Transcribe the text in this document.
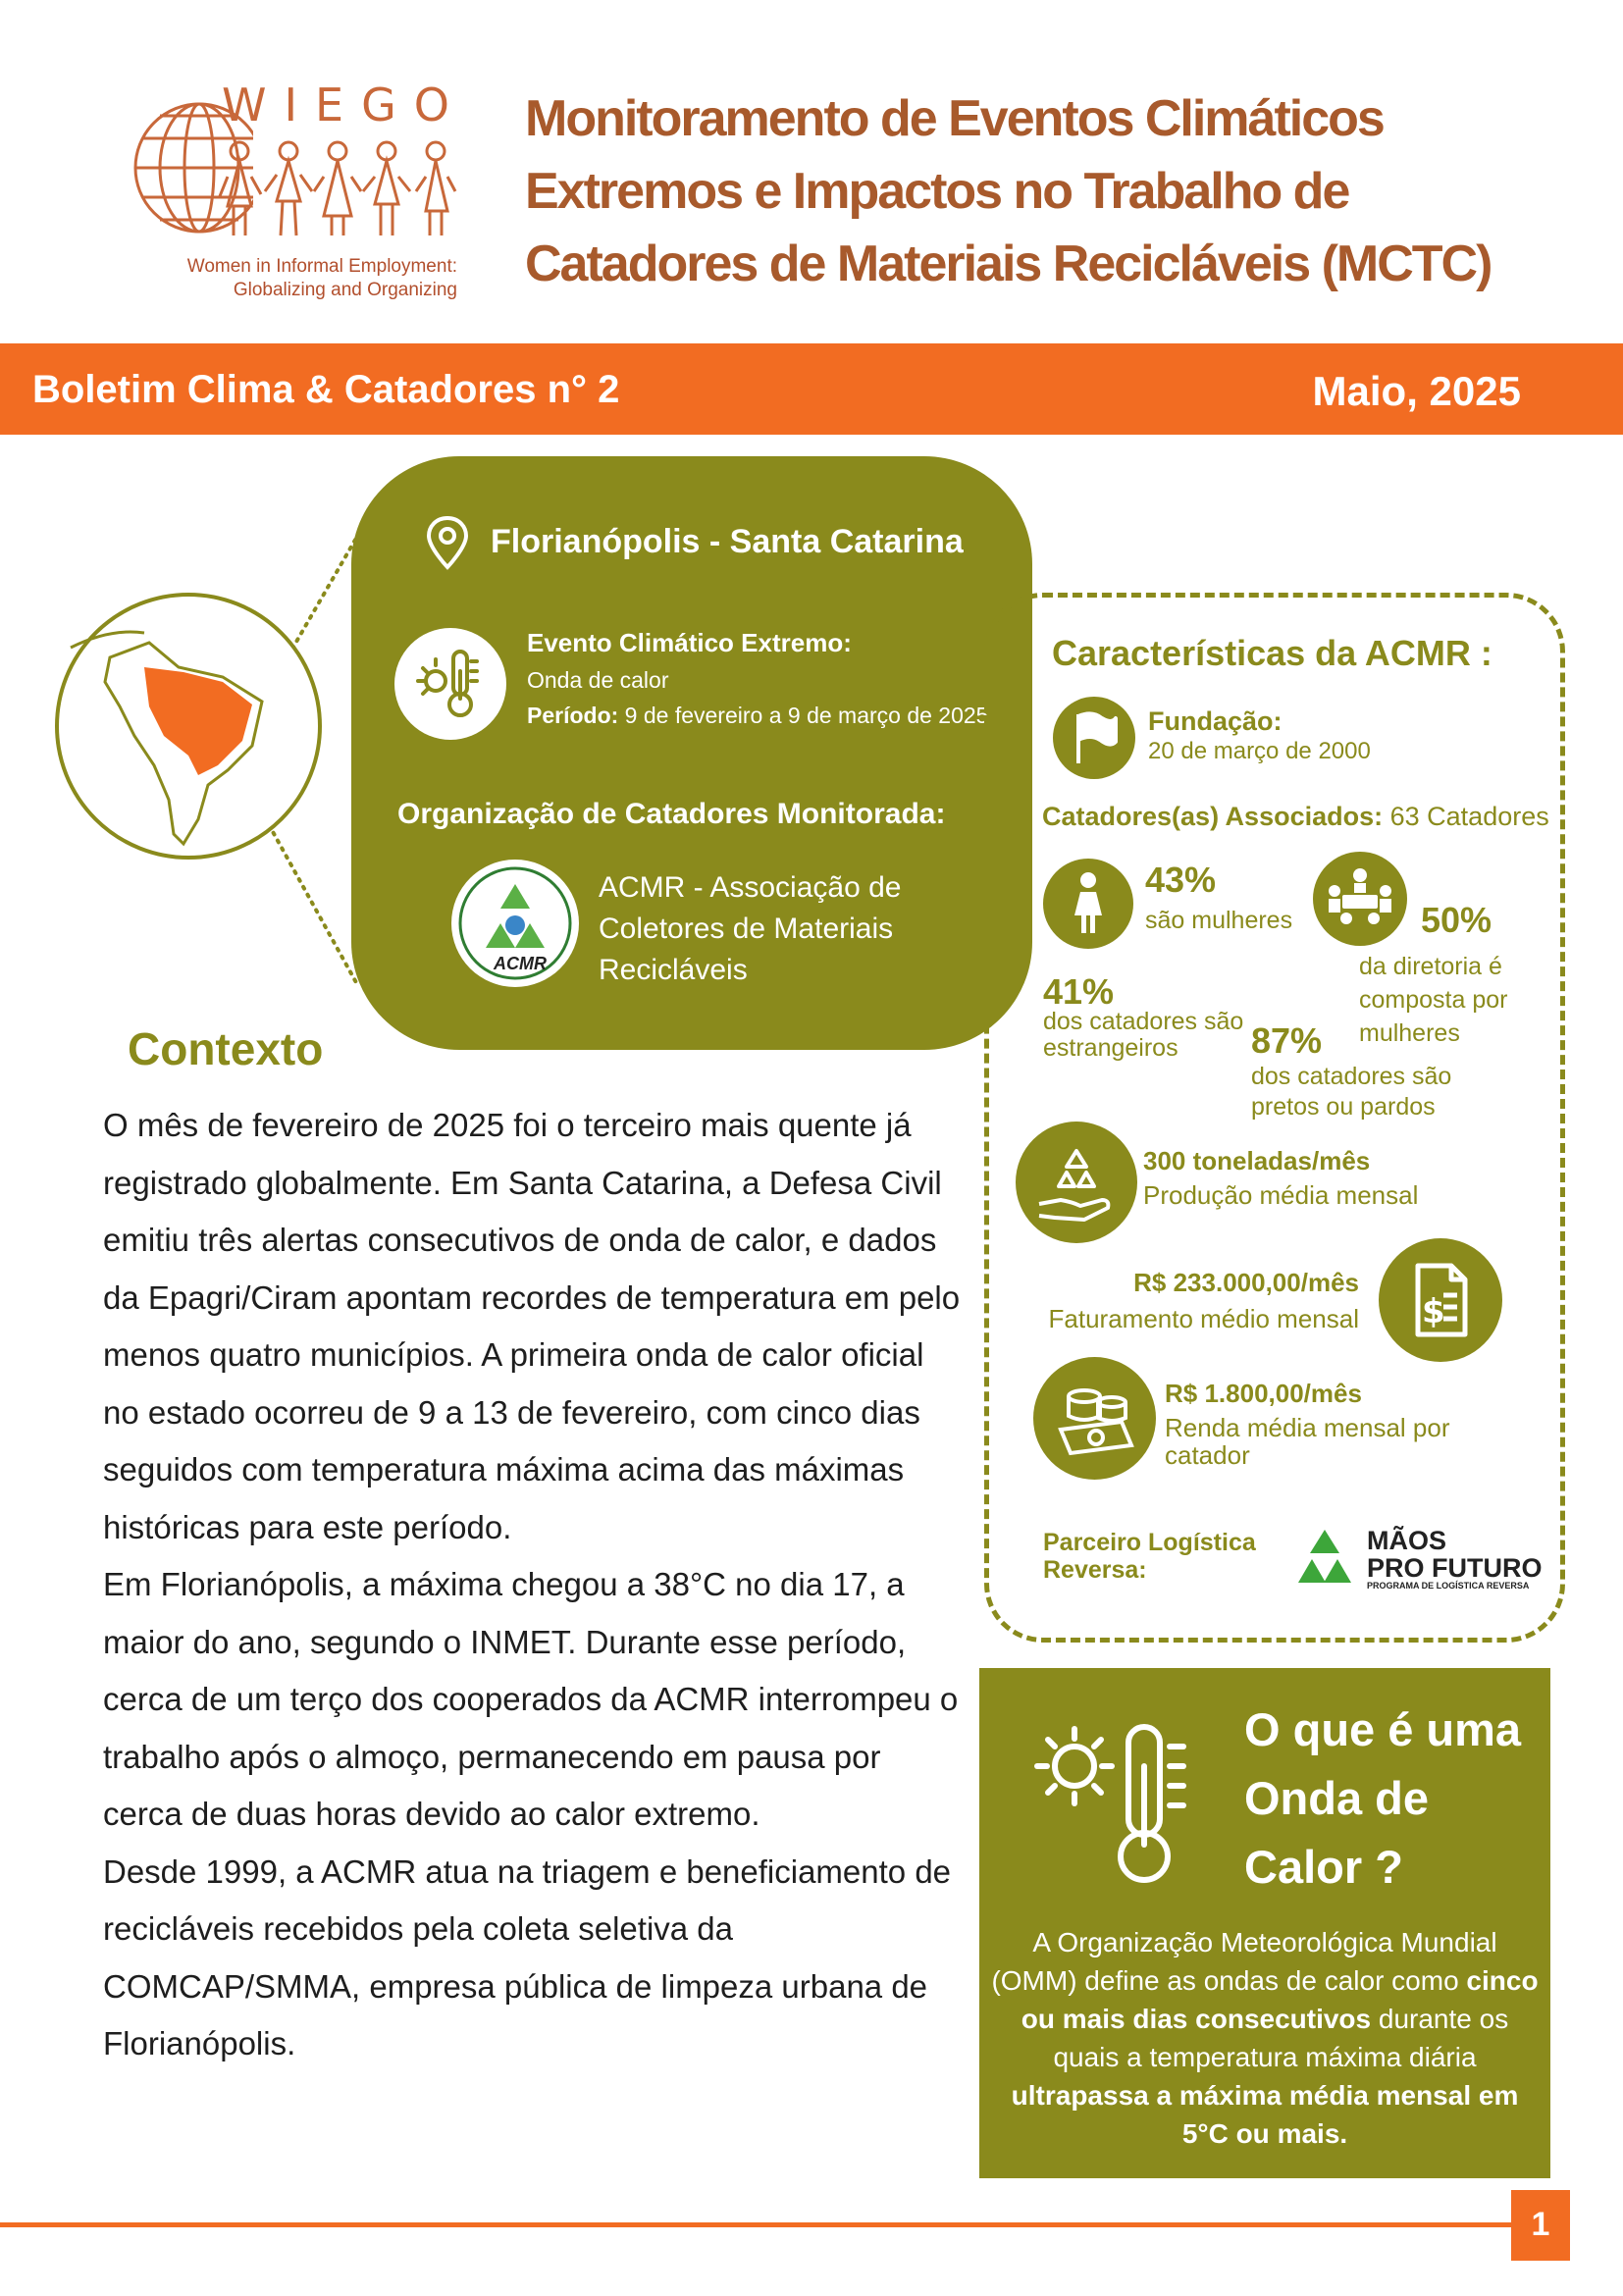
WIEGO
Women in Informal Employment:
Globalizing and Organizing
Monitoramento de Eventos Climáticos
Extremos e Impactos no Trabalho de
Catadores de Materiais Recicláveis (MCTC)
Boletim Clima & Catadores n° 2	Maio, 2025
Florianópolis - Santa Catarina
Evento Climático Extremo:
Onda de calor
Período: 9 de fevereiro a 9 de março de 2025
Organização de Catadores Monitorada:
ACMR
ACMR - Associação de
Coletores de Materiais
Recicláveis
Contexto

O mês de fevereiro de 2025 foi o terceiro mais quente já registrado globalmente. Em Santa Catarina, a Defesa Civil emitiu três alertas consecutivos de onda de calor, e dados da Epagri/Ciram apontam recordes de temperatura em pelo menos quatro municípios. A primeira onda de calor oficial no estado ocorreu de 9 a 13 de fevereiro, com cinco dias seguidos com temperatura máxima acima das máximas históricas para este período.

Em Florianópolis, a máxima chegou a 38°C no dia 17, a maior do ano, segundo o INMET. Durante esse período, cerca de um terço dos cooperados da ACMR interrompeu o trabalho após o almoço, permanecendo em pausa por cerca de duas horas devido ao calor extremo.

Desde 1999, a ACMR atua na triagem e beneficiamento de recicláveis recebidos pela coleta seletiva da COMCAP/SMMA, empresa pública de limpeza urbana de Florianópolis.

Características da ACMR :
Fundação:
20 de março de 2000
Catadores(as) Associados: 63 Catadores
43%
são mulheres	50%
da diretoria é composta por mulheres
41%
dos catadores são estrangeiros	87%
dos catadores são pretos ou pardos
300 toneladas/mês
Produção média mensal
$
R$ 233.000,00/mês
Faturamento médio mensal
R$ 1.800,00/mês
Renda média mensal por catador
Parceiro Logística Reversa:
MÃOS
PRO FUTURO
PROGRAMA DE LOGÍSTICA REVERSA
O que é uma Onda de Calor ?
A Organização Meteorológica Mundial (OMM) define as ondas de calor como cinco ou mais dias consecutivos durante os quais a temperatura máxima diária ultrapassa a máxima média mensal em 5°C ou mais.
1
